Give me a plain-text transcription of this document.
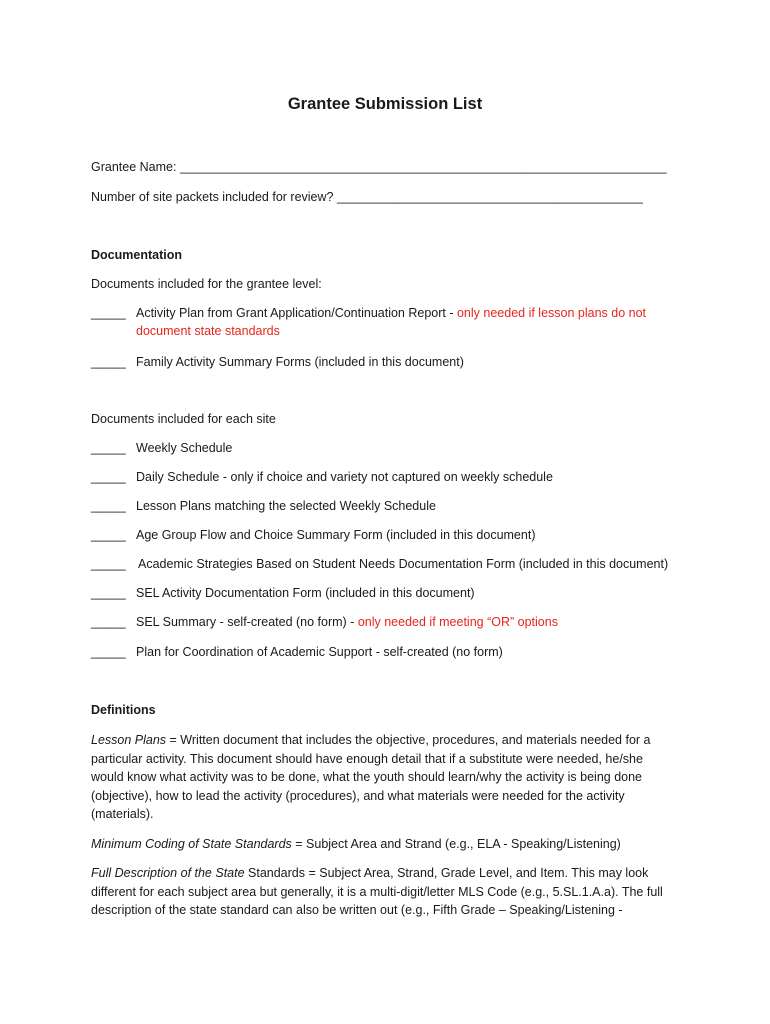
Grantee Submission List
Grantee Name: ______________________________________________________________________
Number of site packets included for review? ____________________________________________
Documentation
Documents included for the grantee level:
_____ Activity Plan from Grant Application/Continuation Report - only needed if lesson plans do not
document state standards
_____ Family Activity Summary Forms (included in this document)
Documents included for each site
_____ Weekly Schedule
_____ Daily Schedule - only if choice and variety not captured on weekly schedule
_____ Lesson Plans matching the selected Weekly Schedule
_____ Age Group Flow and Choice Summary Form (included in this document)
_____ Academic Strategies Based on Student Needs Documentation Form (included in this document)
_____ SEL Activity Documentation Form (included in this document)
_____ SEL Summary - self-created (no form) - only needed if meeting “OR” options
_____ Plan for Coordination of Academic Support - self-created (no form)
Definitions
Lesson Plans = Written document that includes the objective, procedures, and materials needed for a particular activity. This document should have enough detail that if a substitute were needed, he/she would know what activity was to be done, what the youth should learn/why the activity is being done (objective), how to lead the activity (procedures), and what materials were needed for the activity (materials).
Minimum Coding of State Standards = Subject Area and Strand (e.g., ELA - Speaking/Listening)
Full Description of the State Standards = Subject Area, Strand, Grade Level, and Item. This may look different for each subject area but generally, it is a multi-digit/letter MLS Code (e.g., 5.SL.1.A.a). The full description of the state standard can also be written out (e.g., Fifth Grade – Speaking/Listening -
